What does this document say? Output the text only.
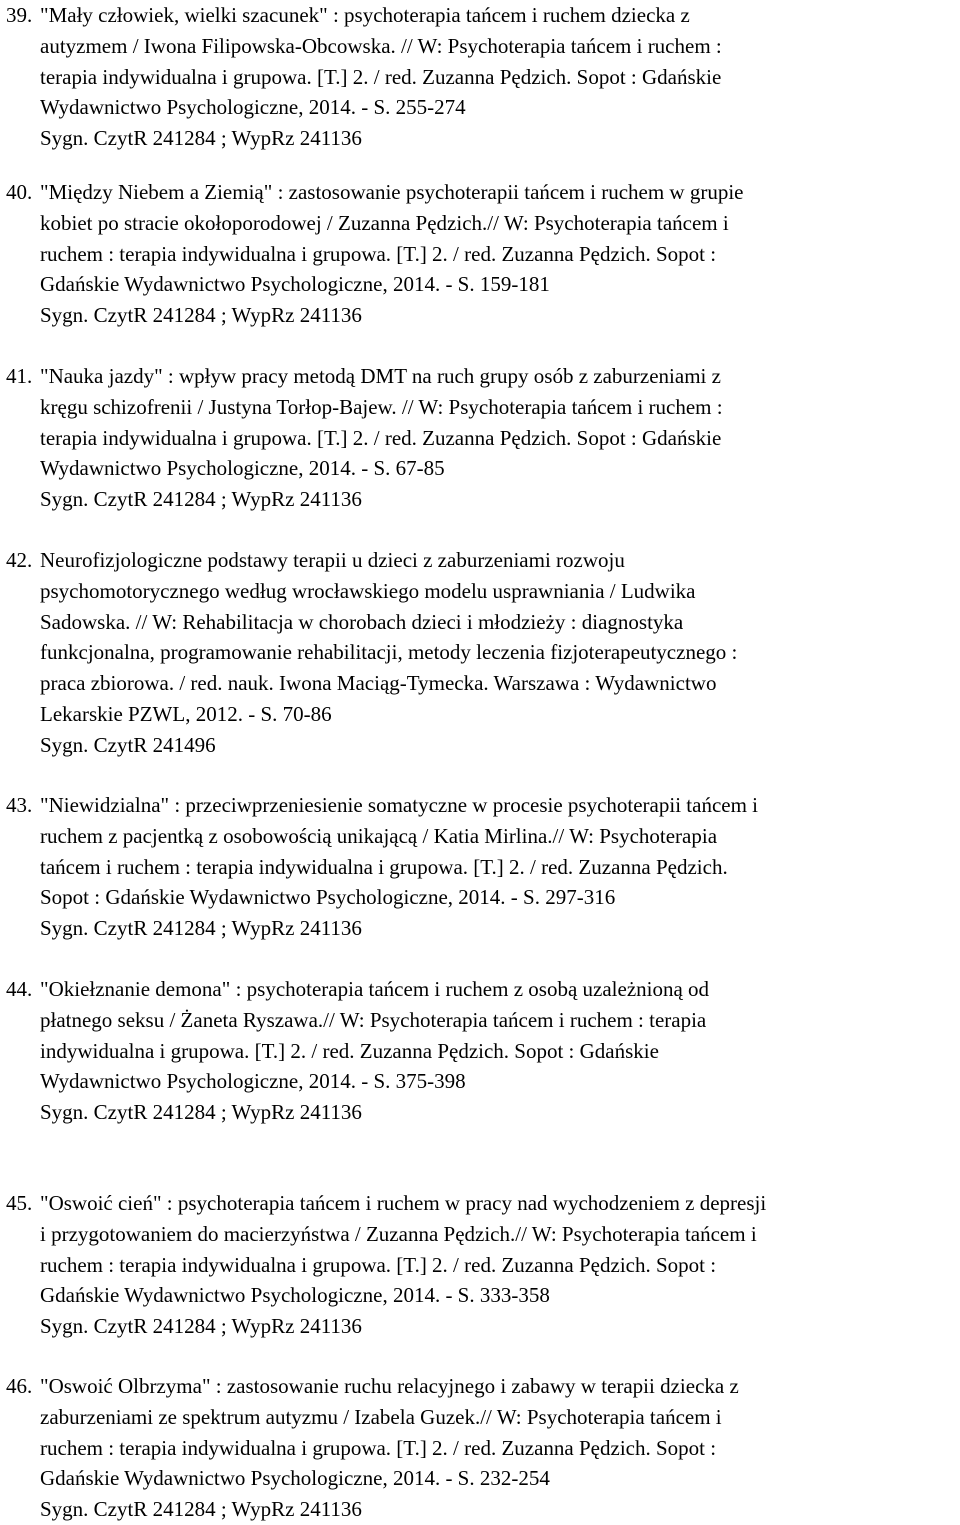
39. "Mały człowiek, wielki szacunek" : psychoterapia tańcem i ruchem dziecka z
autyzmem / Iwona Filipowska-Obcowska. // W: Psychoterapia tańcem i ruchem :
terapia indywidualna i grupowa. [T.] 2. / red. Zuzanna Pędzich. Sopot : Gdańskie
Wydawnictwo Psychologiczne, 2014. - S. 255-274
Sygn. CzytR 241284 ; WypRz 241136
40. "Między Niebem a Ziemią" : zastosowanie psychoterapii tańcem i ruchem w grupie
kobiet po stracie okołoporodowej / Zuzanna Pędzich.// W: Psychoterapia tańcem i
ruchem : terapia indywidualna i grupowa. [T.] 2. / red. Zuzanna Pędzich. Sopot :
Gdańskie Wydawnictwo Psychologiczne, 2014. - S. 159-181
Sygn. CzytR 241284 ; WypRz 241136
41. "Nauka jazdy" : wpływ pracy metodą DMT na ruch grupy osób z zaburzeniami z
kręgu schizofrenii / Justyna Torłop-Bajew. // W: Psychoterapia tańcem i ruchem :
terapia indywidualna i grupowa. [T.] 2. / red. Zuzanna Pędzich. Sopot : Gdańskie
Wydawnictwo Psychologiczne, 2014. - S. 67-85
Sygn. CzytR 241284 ; WypRz 241136
42. Neurofizjologiczne podstawy terapii u dzieci z zaburzeniami rozwoju
psychomotorycznego według wrocławskiego modelu usprawniania / Ludwika
Sadowska. // W: Rehabilitacja w chorobach dzieci i młodzieży : diagnostyka
funkcjonalna, programowanie rehabilitacji, metody leczenia fizjoterapeutycznego :
praca zbiorowa. / red. nauk. Iwona Maciąg-Tymecka. Warszawa : Wydawnictwo
Lekarskie PZWL, 2012. - S. 70-86
Sygn. CzytR 241496
43. "Niewidzialna" : przeciwprzeniesienie somatyczne w procesie psychoterapii tańcem i
ruchem z pacjentką z osobowością unikającą / Katia Mirlina.// W: Psychoterapia
tańcem i ruchem : terapia indywidualna i grupowa. [T.] 2. / red. Zuzanna Pędzich.
Sopot : Gdańskie Wydawnictwo Psychologiczne, 2014. - S. 297-316
Sygn. CzytR 241284 ; WypRz 241136
44. "Okiełznanie demona" : psychoterapia tańcem i ruchem z osobą uzależnioną od
płatnego seksu / Żaneta Ryszawa.// W: Psychoterapia tańcem i ruchem : terapia
indywidualna i grupowa. [T.] 2. / red. Zuzanna Pędzich. Sopot : Gdańskie
Wydawnictwo Psychologiczne, 2014. - S. 375-398
Sygn. CzytR 241284 ; WypRz 241136
45. "Oswoić cień" : psychoterapia tańcem i ruchem w pracy nad wychodzeniem z depresji
i przygotowaniem do macierzyństwa / Zuzanna Pędzich.// W: Psychoterapia tańcem i
ruchem : terapia indywidualna i grupowa. [T.] 2. / red. Zuzanna Pędzich. Sopot :
Gdańskie Wydawnictwo Psychologiczne, 2014. - S. 333-358
Sygn. CzytR 241284 ; WypRz 241136
46. "Oswoić Olbrzyma" : zastosowanie ruchu relacyjnego i zabawy w terapii dziecka z
zaburzeniami ze spektrum autyzmu / Izabela Guzek.// W: Psychoterapia tańcem i
ruchem : terapia indywidualna i grupowa. [T.] 2. / red. Zuzanna Pędzich. Sopot :
Gdańskie Wydawnictwo Psychologiczne, 2014. - S. 232-254
Sygn. CzytR 241284 ; WypRz 241136
